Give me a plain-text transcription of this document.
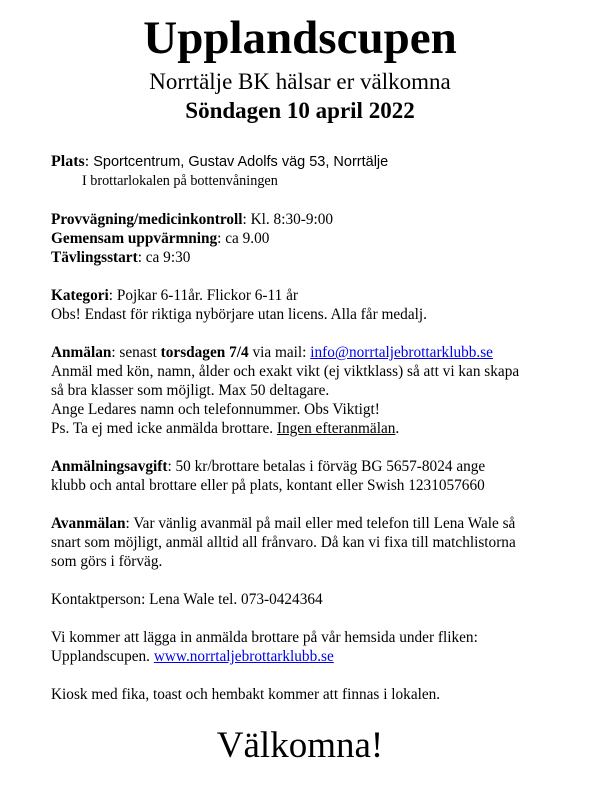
Upplandscupen
Norrtälje BK hälsar er välkomna
Söndagen 10 april 2022

Plats: Sportcentrum, Gustav Adolfs väg 53, Norrtälje

I brottarlokalen på bottenvåningen

Provvägning/medicinkontroll: Kl. 8:30-9:00

Gemensam uppvärmning: ca 9.00

Tävlingsstart: ca 9:30

Kategori: Pojkar 6-11år. Flickor 6-11 år

Obs! Endast för riktiga nybörjare utan licens. Alla får medalj.

Anmälan: senast torsdagen 7/4 via mail: info@norrtaljebrottarklubb.se

Anmäl med kön, namn, ålder och exakt vikt (ej viktklass) så att vi kan skapa

så bra klasser som möjligt. Max 50 deltagare.

Ange Ledares namn och telefonnummer. Obs Viktigt!

Ps. Ta ej med icke anmälda brottare. Ingen efteranmälan.

Anmälningsavgift: 50 kr/brottare betalas i förväg BG 5657-8024 ange

klubb och antal brottare eller på plats, kontant eller Swish 1231057660

Avanmälan: Var vänlig avanmäl på mail eller med telefon till Lena Wale så

snart som möjligt, anmäl alltid all frånvaro. Då kan vi fixa till matchlistorna

som görs i förväg.

Kontaktperson: Lena Wale tel. 073-0424364

Vi kommer att lägga in anmälda brottare på vår hemsida under fliken:

Upplandscupen. www.norrtaljebrottarklubb.se

Kiosk med fika, toast och hembakt kommer att finnas i lokalen.

Välkomna!
